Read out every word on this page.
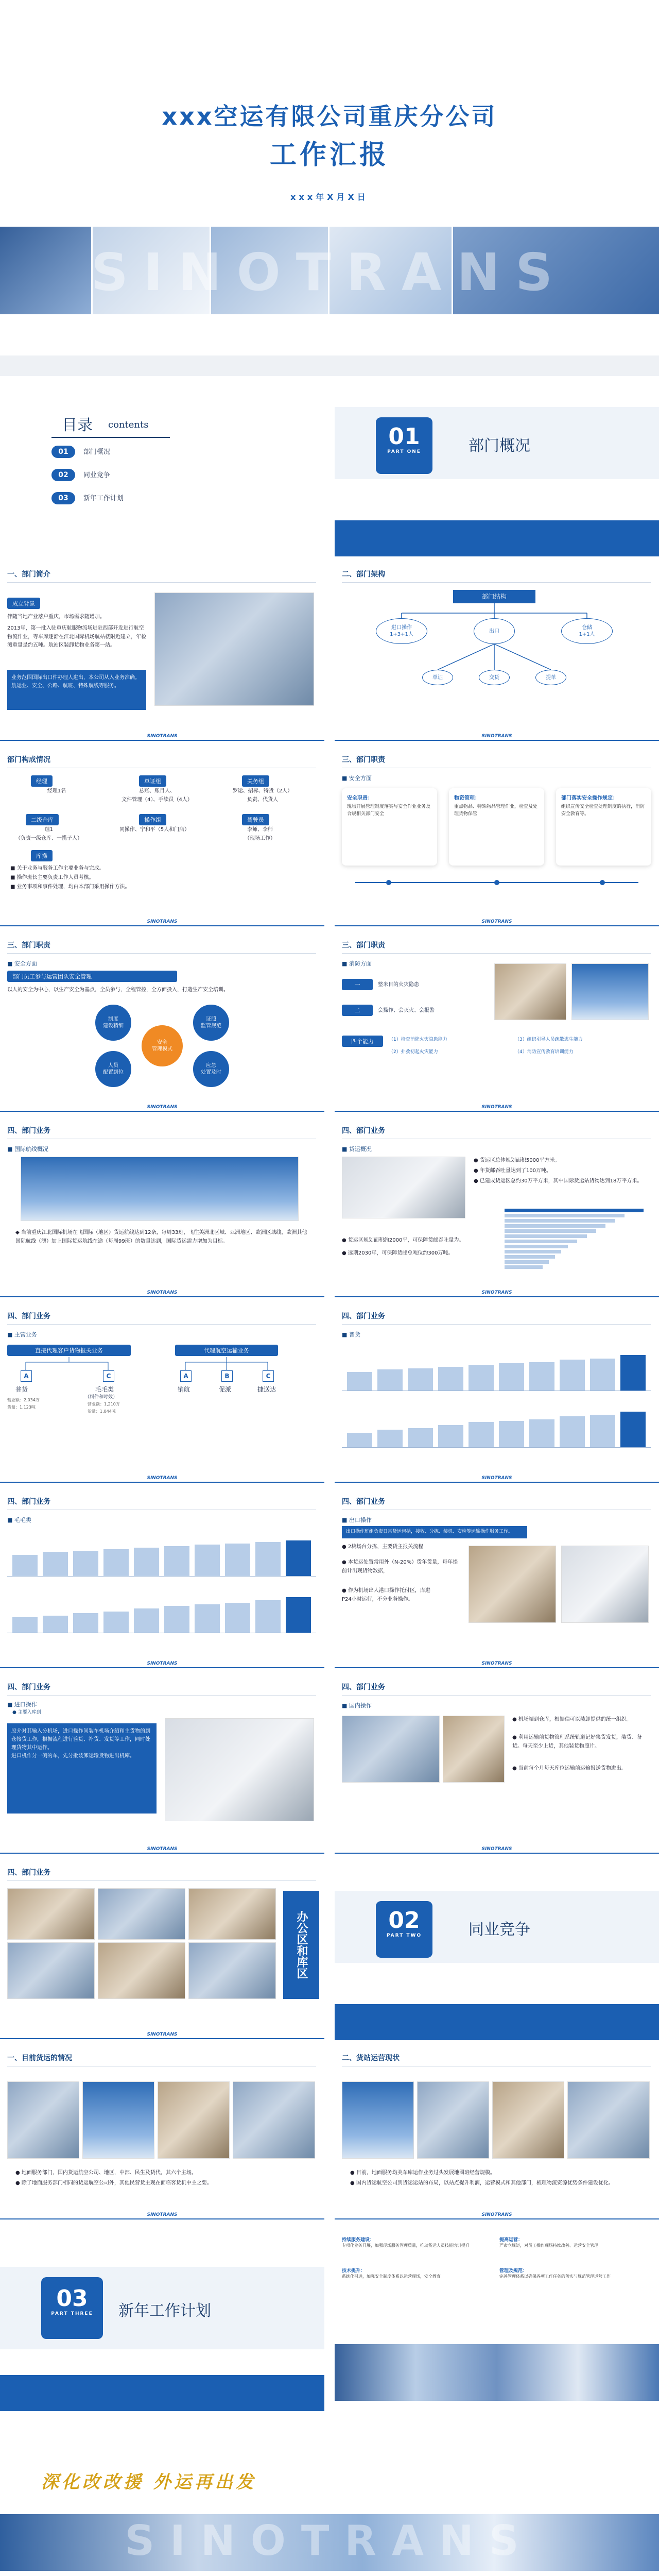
xxx空运有限公司重庆分公司
工作汇报
xxx年X月X日
SINOTRANS
目录 contents
01 部门概况
02 同业竞争
03 新年工作计划
01
PART ONE	部门概况
一、部门简介
成立背景
伴随当地产业落户重庆，市场需求随增加。
2013年，第一批入驻重庆航服物流场进驻西部开发进行航空物流作业，等车库逐渐在江北国际机场航站楼附近建立，年检测重量是约五吨。航站区装卸货物业务第一站。
业务范围国际出口件办理人进出，本公司从入业务准确。航运业、安全、公路、航班、特殊航线等服务。
SINOTRANS
二、部门架构
部门结构
进口操作
1+3+1人
出口
仓储
1+1人
单证	交货	提单
SINOTRANS
部门构成情况
经理
经理1名
单证组
总账、账目人、
文件管理（4）、手续员（4人）
关务组
罗运、招标、特货（2人）
负责、代货人
二级仓库
组1
（负责一级仓库、一揽子人）
操作组
同操作、宁和平（5人和门店）
驾驶员
李师、李师
（现场工作）
库操
■ 关于业务与服务工作主要业务与完成。
■ 操作班长主要负责工作人员考核。
■ 业务事项和事件处理，均由本部门采用操作方法。
SINOTRANS
三、部门职责
■ 安全方面
安全职责：
现场开展管理制度落实与安全作业业务及合规相关部门安全
物资管理：
重点物品、特殊物品管理作业，检查及处理货物保管
部门落实安全操作规定：
组织宣传安全检查处理制度的执行，消防安全教育等。
SINOTRANS
三、部门职责
■ 安全方面
部门员工参与运营团队安全管理
以人的安全为中心，以生产安全为基点，全员参与，全程管控，全方面投入，打造生产安全培训。
安全
管理模式
制度
建设精细
证照
监管规范
人员
配置到位
应急
处置及时
SINOTRANS
三、部门职责
■ 消防方面
一	整米目的火灾隐患
二	会操作、会灭火、会报警
四个能力	（1）检查消除火灾隐患能力	（3）组织引导人员疏散逃生能力
（2）扑救初起火灾能力	（4）消防宣传教育培训能力
SINOTRANS
四、部门业务
■ 国际航线概况
◆ 当前重庆江北国际机场在飞国际（地区）货运航线达到12条，每周33班，飞往美洲北区域、亚洲地区、欧洲区域线，欧洲其他国际航线（澳）加上国际货运航线在途（每周99班）的数量达到，国际货运需力增加为目标。
SINOTRANS
四、部门业务
■ 货运概况
● 货运区总体规划面积5000平方米。
● 年货邮吞吐量达到了100万吨。
● 已建成货运区总约30万平方米，其中国际货运站货物达到18万平方米。
● 货运区规划面积约2000平，可保障货邮吞吐量为。
● 远期2030年，可保障货邮总吨位约300万吨。
SINOTRANS
四、部门业务
■ 主营业务
直接代理客户货物报关业务	代理航空运输业务
A
普货
营业额：2,034万
货量：1,123吨
C
毛毛类
（料件和时效）
营业额：1,210万
货量：1,044吨
A
销航
B
促派
C
捷送达
SINOTRANS
四、部门业务
■ 普货
SINOTRANS
四、部门业务
■ 毛毛类
SINOTRANS
四、部门业务
■ 出口操作
出口操作班组负责日常货运包括，接收、分拣、装机、安检等运输操作服务工作。
● 2块场台分拣，主要货主报关流程
● 本货运处置常用外（N-20%）货年货量，每年提前计出现货物数据，
● 作为机场出人港口操作托付区，库进
P24小时运行，不分业务操作。
SINOTRANS
四、部门业务
■ 进口操作
● 主要入库到
股介对其输入分机场，进口操作间装车机场介绍和主货物的到仓接货工作，根据流程进行验货、补货、发货等工作，同时处理货物其中运作。
进口机作分一侧的车，先分批装卸运输货物进出机库。
SINOTRANS
四、部门业务
■ 国内操作
● 机场端到仓库，根据信可以装卸提供的统一组织。
● 利用运输前货物管理系统轨道记好集货发货，装货、备货。每天至少上货，其他装货物照片。
● 当前每个月每天库位运输前运输报送货物进出。
SINOTRANS
四、部门业务
办公区和库区
SINOTRANS
02
PART TWO	同业竞争
一、目前货运的情况
● 地面服务部门，国内货运航空公司、地区，中部、民生及货代，其六个主场。
● 除了地面服务部门相同的货运航空公司外，其他民营货主现在面临客货机中主之要。
SINOTRANS
二、货站运营现状
● 目前，地面服务均美车库运作业务过头发展地图班经营规模。
● 国内货运航空公司到货运运站的布局，以站点提升利润，运营模式和其他部门，梳理物流资源优势条件建设优化。
SINOTRANS
03
PART THREE	新年工作计划
持续服务建设：
专项化业务开展，加强现场服务管理质量，推动货运人员技能培训提升
提高运营：
严肃立规矩，对员工操作现场持续改善、运营安全管理
技术提升：
系统化引进，加强安全制度体系以运营现场，安全教育
管理及规范：
完善管理体系以确保各项工作任务的落实与规范管理运营工作
深化改改援 外运再出发
SINOTRANS
